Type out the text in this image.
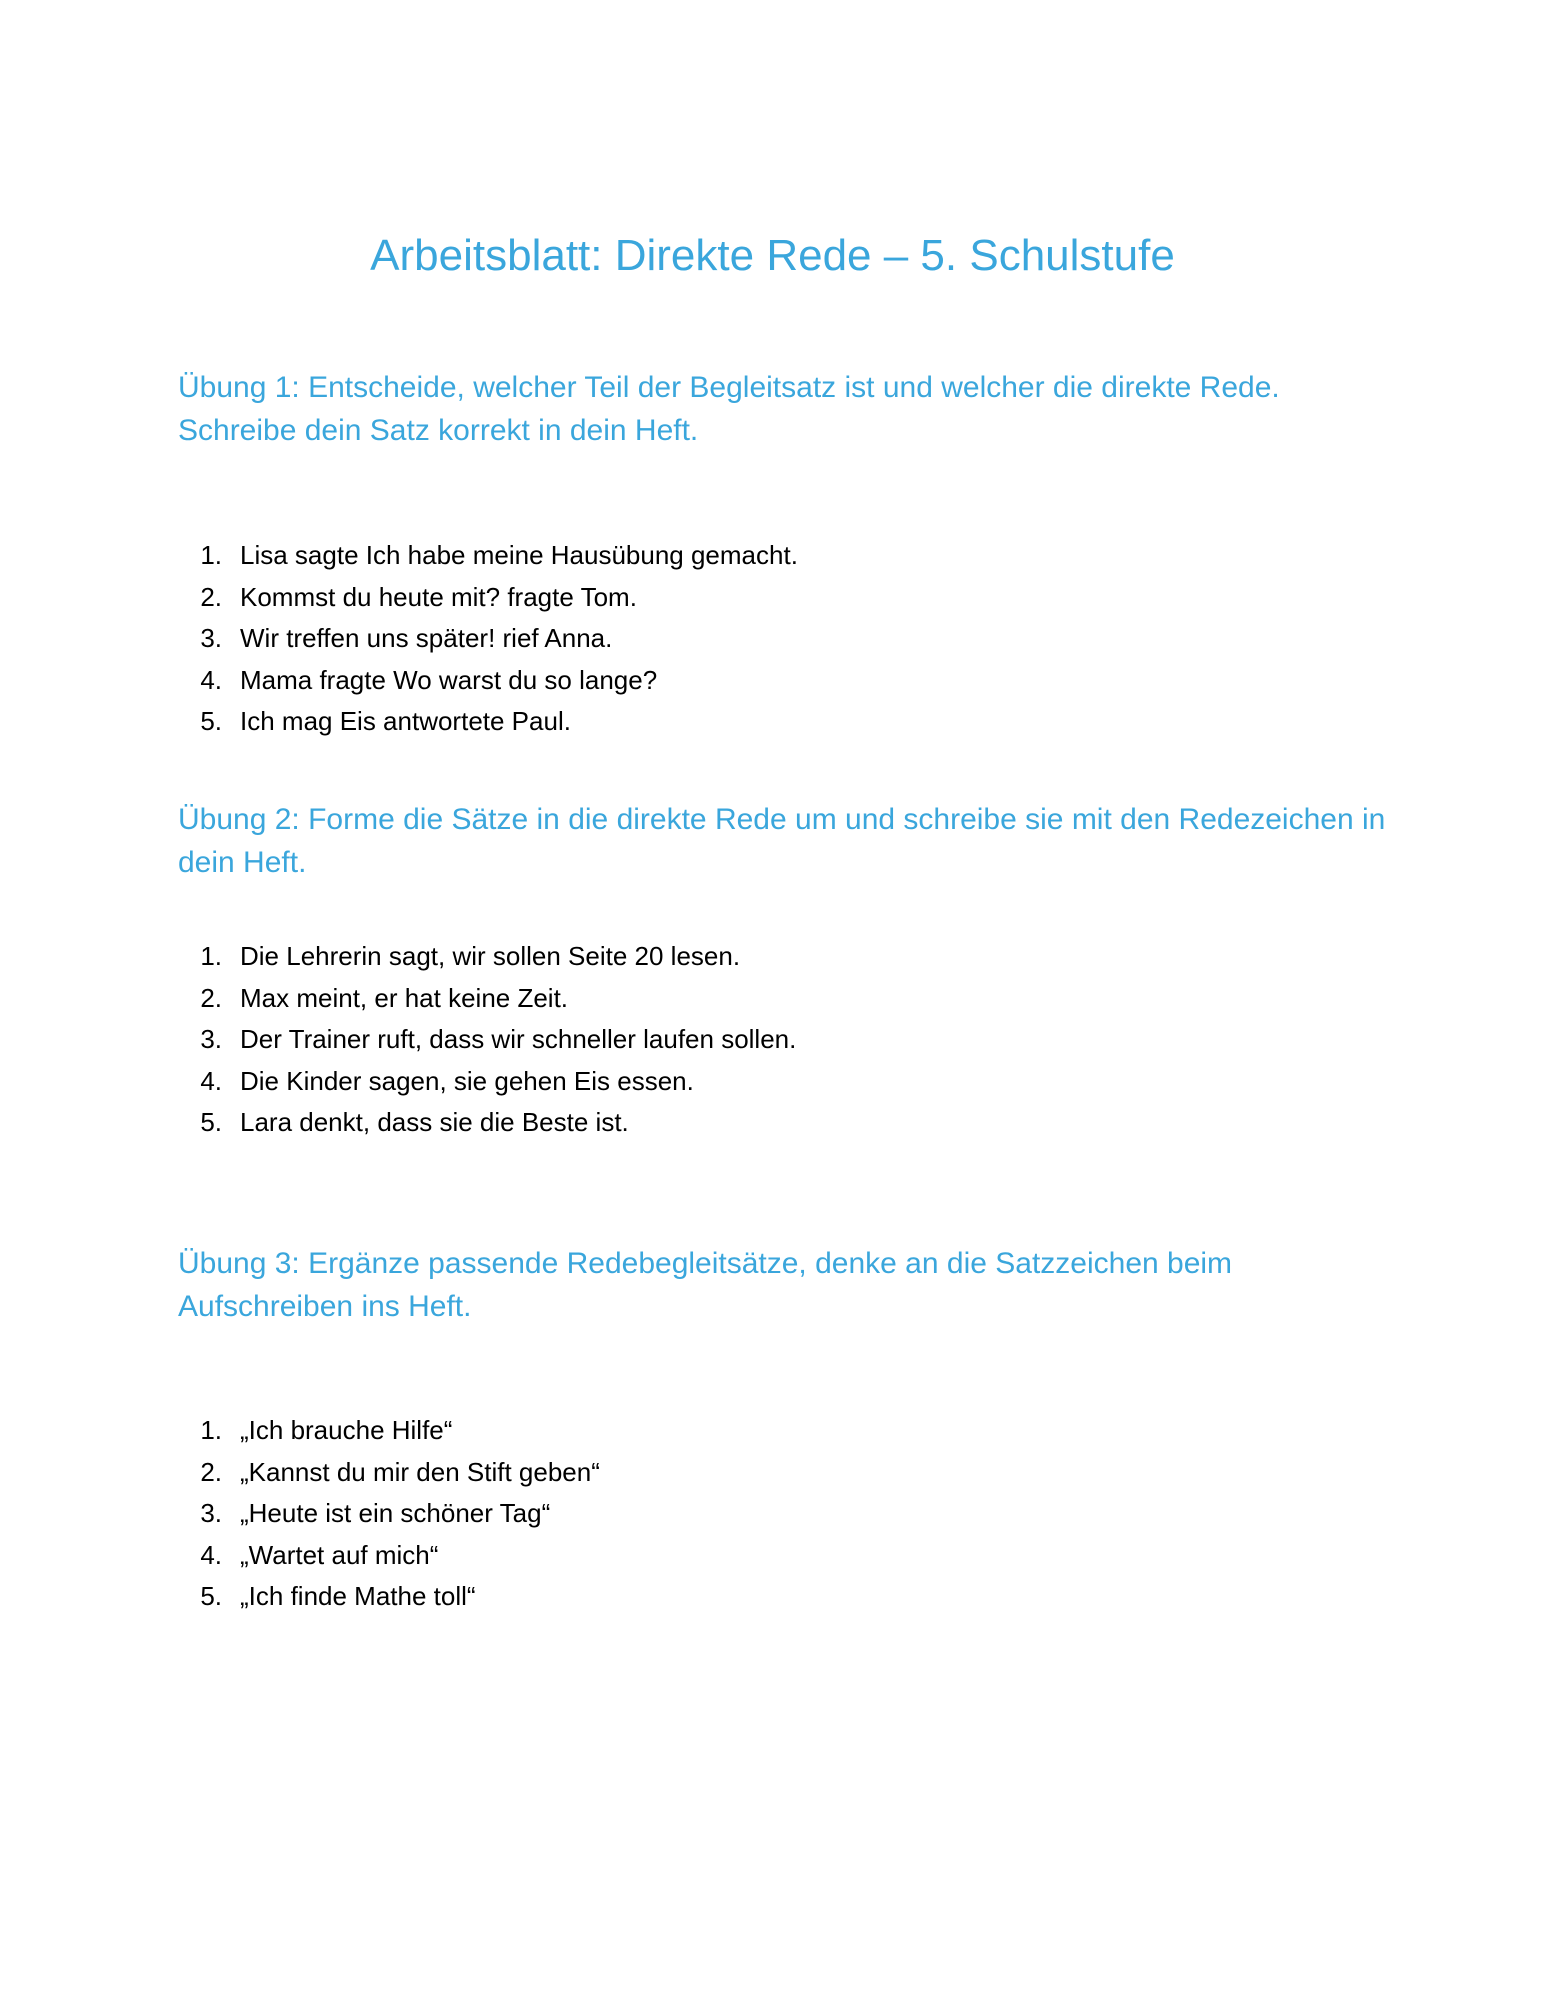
Arbeitsblatt: Direkte Rede – 5. Schulstufe
Übung 1: Entscheide, welcher Teil der Begleitsatz ist und welcher die direkte Rede. Schreibe dein Satz korrekt in dein Heft.
1. Lisa sagte Ich habe meine Hausübung gemacht.
2. Kommst du heute mit? fragte Tom.
3. Wir treffen uns später! rief Anna.
4. Mama fragte Wo warst du so lange?
5. Ich mag Eis antwortete Paul.
Übung 2: Forme die Sätze in die direkte Rede um und schreibe sie mit den Redezeichen in dein Heft.
1. Die Lehrerin sagt, wir sollen Seite 20 lesen.
2. Max meint, er hat keine Zeit.
3. Der Trainer ruft, dass wir schneller laufen sollen.
4. Die Kinder sagen, sie gehen Eis essen.
5. Lara denkt, dass sie die Beste ist.
Übung 3: Ergänze passende Redebegleitsätze, denke an die Satzzeichen beim Aufschreiben ins Heft.
1. „Ich brauche Hilfe“
2. „Kannst du mir den Stift geben“
3. „Heute ist ein schöner Tag“
4. „Wartet auf mich“
5. „Ich finde Mathe toll“
